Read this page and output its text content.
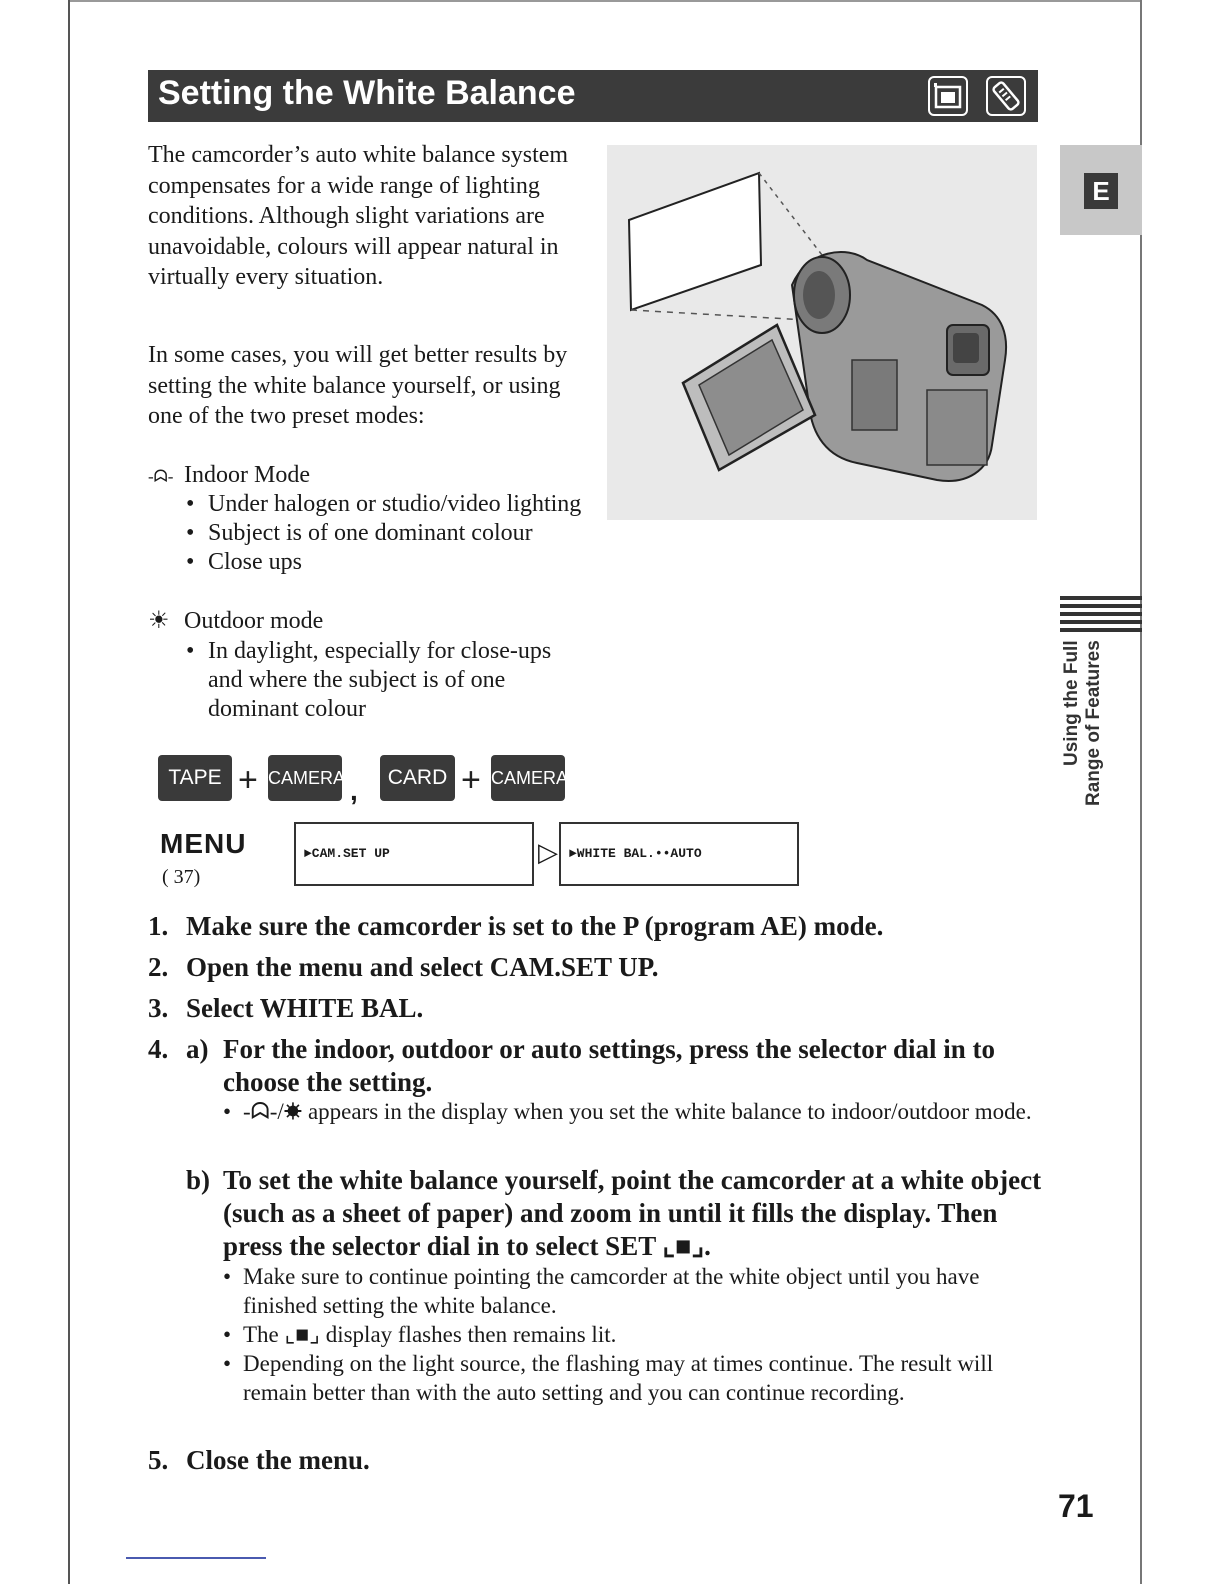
Setting the White Balance

The camcorder’s auto white balance system compensates for a wide range of lighting conditions. Although slight variations are unavoidable, colours will appear natural in virtually every situation.

In some cases, you will get better results by setting the white balance yourself, or using one of the two preset modes:

-ᗣ- Indoor Mode
• Under halogen or studio/video lighting
• Subject is of one dominant colour
• Close ups
☀ Outdoor mode
• In daylight, especially for close-ups and where the subject is of one dominant colour
E
Using the Full
Range of Features
TAPE + CAMERA ,	CARD + CAMERA
MENU
( 37)
►CAM.SET UP	▷ ►WHITE BAL.••AUTO
1. Make sure the camcorder is set to the P (program AE) mode.
2. Open the menu and select CAM.SET UP.
3. Select WHITE BAL.
4. a) For the indoor, outdoor or auto settings, press the selector dial in to choose the setting.
• -ᗣ-/☀ appears in the display when you set the white balance to indoor/outdoor mode.
b) To set the white balance yourself, point the camcorder at a white object (such as a sheet of paper) and zoom in until it fills the display. Then press the selector dial in to select SET ⌞■⌟.
• Make sure to continue pointing the camcorder at the white object until you have finished setting the white balance.
• The ⌞■⌟ display flashes then remains lit.
• Depending on the light source, the flashing may at times continue. The result will remain better than with the auto setting and you can continue recording.
5. Close the menu.
71
